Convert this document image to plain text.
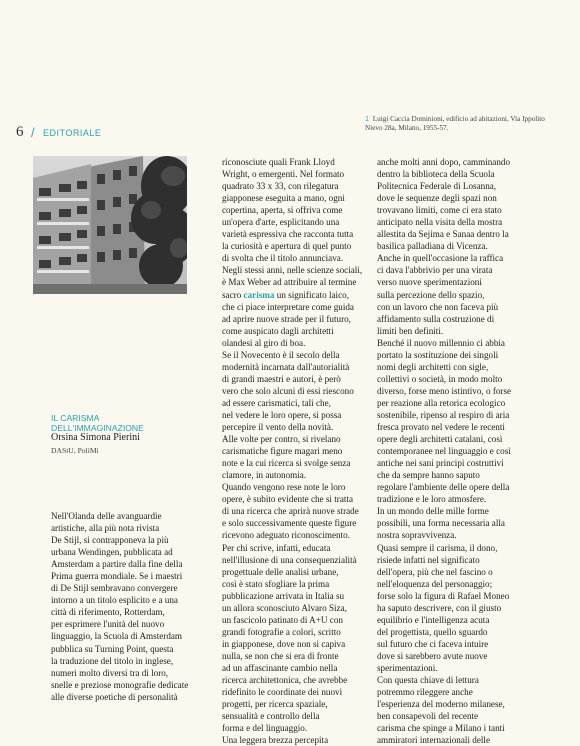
6 / EDITORIALE
1 Luigi Caccia Dominioni, edificio ad abitazioni, Via Ippolito Nievo 28a, Milano, 1955-57.
IL CARISMA
DELL'IMMAGINAZIONE
Orsina Simona Pierini
DAStU, PoliMi
Nell'Olanda delle avanguardie
artistiche, alla più nota rivista
De Stijl, si contrapponeva la più
urbana Wendingen, pubblicata ad
Amsterdam a partire dalla fine della
Prima guerra mondiale. Se i maestri
di De Stijl sembravano convergere
intorno a un titolo esplicito e a una
città di riferimento, Rotterdam,
per esprimere l'unità del nuovo
linguaggio, la Scuola di Amsterdam
pubblica su Turning Point, questa
la traduzione del titolo in inglese,
numeri molto diversi tra di loro,
snelle e preziose monografie dedicate
alle diverse poetiche di personalità
riconosciute quali Frank Lloyd
Wright, o emergenti. Nel formato
quadrato 33 x 33, con rilegatura
giapponese eseguita a mano, ogni
copertina, aperta, si offriva come
un'opera d'arte, esplicitando una
varietà espressiva che racconta tutta
la curiosità e apertura di quel punto
di svolta che il titolo annunciava.
Negli stessi anni, nelle scienze sociali,
è Max Weber ad attribuire al termine
sacro carisma un significato laico,
che ci piace interpretare come guida
ad aprire nuove strade per il futuro,
come auspicato dagli architetti
olandesi al giro di boa.
Se il Novecento è il secolo della
modernità incarnata dall'autorialità
di grandi maestri e autori, è però
vero che solo alcuni di essi riescono
ad essere carismatici, tali che,
nel vedere le loro opere, si possa
percepire il vento della novità.
Alle volte per contro, si rivelano
carismatiche figure magari meno
note e la cui ricerca si svolge senza
clamore, in autonomia.
Quando vengono rese note le loro
opere, è subito evidente che si tratta
di una ricerca che aprirà nuove strade
e solo successivamente queste figure
ricevono adeguato riconoscimento.
Per chi scrive, infatti, educata
nell'illusione di una consequenzialità
progettuale delle analisi urbane,
così è stato sfogliare la prima
pubblicazione arrivata in Italia su
un allora sconosciuto Alvaro Siza,
un fascicolo patinato di A+U con
grandi fotografie a colori, scritto
in giapponese, dove non si capiva
nulla, se non che si era di fronte
ad un affascinante cambio nella
ricerca architettonica, che avrebbe
ridefinito le coordinate dei nuovi
progetti, per ricerca spaziale,
sensualità e controllo della
forma e del linguaggio.
Una leggera brezza percepita
anche molti anni dopo, camminando
dentro la biblioteca della Scuola
Politecnica Federale di Losanna,
dove le sequenze degli spazi non
trovavano limiti, come ci era stato
anticipato nella visita della mostra
allestita da Sejima e Sanaa dentro la
basilica palladiana di Vicenza.
Anche in quell'occasione la raffica
ci dava l'abbrivio per una virata
verso nuove sperimentazioni
sulla percezione dello spazio,
con un lavoro che non faceva più
affidamento sulla costruzione di
limiti ben definiti.
Benché il nuovo millennio ci abbia
portato la sostituzione dei singoli
nomi degli architetti con sigle,
collettivi o società, in modo molto
diverso, forse meno istintivo, o forse
per reazione alla retorica ecologico
sostenibile, ripenso al respiro di aria
fresca provato nel vedere le recenti
opere degli architetti catalani, così
contemporanee nel linguaggio e così
antiche nei sani principi costruttivi
che da sempre hanno saputo
regolare l'ambiente delle opere della
tradizione e le loro atmosfere.
In un mondo delle mille forme
possibili, una forma necessaria alla
nostra sopravvivenza.
Quasi sempre il carisma, il dono,
risiede infatti nel significato
dell'opera, più che nel fascino o
nell'eloquenza del personaggio;
forse solo la figura di Rafael Moneo
ha saputo descrivere, con il giusto
equilibrio e l'intelligenza acuta
del progettista, quello sguardo
sul futuro che ci faceva intuire
dove si sarebbero avute nuove
sperimentazioni.
Con questa chiave di lettura
potremmo rileggere anche
l'esperienza del moderno milanese,
ben consapevoli del recente
carisma che spinge a Milano i tanti
ammiratori internazionali delle
